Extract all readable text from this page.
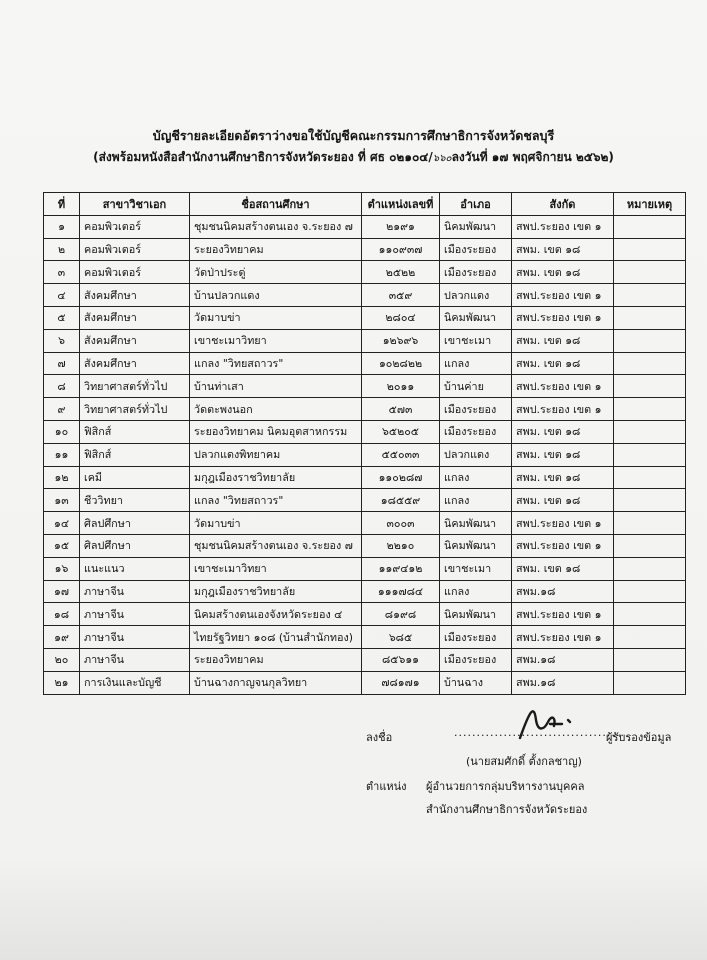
บัญชีรายละเอียดอัตราว่างขอใช้บัญชีคณะกรรมการศึกษาธิการจังหวัดชลบุรี
(ส่งพร้อมหนังสือสำนักงานศึกษาธิการจังหวัดระยอง ที่ ศธ ๐๒๑๐๔/๖๖๐ลงวันที่ ๑๗ พฤศจิกายน ๒๕๖๒)
ที่	สาขาวิชาเอก	ชื่อสถานศึกษา	ตำแหน่งเลขที่	อำเภอ	สังกัด	หมายเหตุ
๑	คอมพิวเตอร์	ชุมชนนิคมสร้างตนเอง จ.ระยอง ๗	๒๑๙๑	นิคมพัฒนา	สพป.ระยอง เขต ๑	
๒	คอมพิวเตอร์	ระยองวิทยาคม	๑๑๐๙๓๗	เมืองระยอง	สพม. เขต ๑๘	
๓	คอมพิวเตอร์	วัดป่าประดู่	๒๕๒๒	เมืองระยอง	สพม. เขต ๑๘	
๔	สังคมศึกษา	บ้านปลวกแดง	๓๕๙	ปลวกแดง	สพป.ระยอง เขต ๑	
๕	สังคมศึกษา	วัดมาบข่า	๒๘๐๔	นิคมพัฒนา	สพป.ระยอง เขต ๑	
๖	สังคมศึกษา	เขาชะเมาวิทยา	๑๒๖๙๖	เขาชะเมา	สพม. เขต ๑๘	
๗	สังคมศึกษา	แกลง "วิทยสถาวร"	๑๐๒๘๒๒	แกลง	สพม. เขต ๑๘	
๘	วิทยาศาสตร์ทั่วไป	บ้านท่าเสา	๒๐๑๑	บ้านค่าย	สพป.ระยอง เขต ๑	
๙	วิทยาศาสตร์ทั่วไป	วัดตะพงนอก	๕๗๓	เมืองระยอง	สพป.ระยอง เขต ๑	
๑๐	ฟิสิกส์	ระยองวิทยาคม นิคมอุตสาหกรรม	๖๕๒๐๕	เมืองระยอง	สพม. เขต ๑๘	
๑๑	ฟิสิกส์	ปลวกแดงพิทยาคม	๕๕๐๓๓	ปลวกแดง	สพม. เขต ๑๘	
๑๒	เคมี	มกุฎเมืองราชวิทยาลัย	๑๑๐๒๘๗	แกลง	สพม. เขต ๑๘	
๑๓	ชีววิทยา	แกลง "วิทยสถาวร"	๑๘๕๕๙	แกลง	สพม. เขต ๑๘	
๑๔	ศิลปศึกษา	วัดมาบข่า	๓๐๐๓	นิคมพัฒนา	สพป.ระยอง เขต ๑	
๑๕	ศิลปศึกษา	ชุมชนนิคมสร้างตนเอง จ.ระยอง ๗	๒๒๑๐	นิคมพัฒนา	สพป.ระยอง เขต ๑	
๑๖	แนะแนว	เขาชะเมาวิทยา	๑๑๙๔๑๒	เขาชะเมา	สพม. เขต ๑๘	
๑๗	ภาษาจีน	มกุฎเมืองราชวิทยาลัย	๑๑๑๗๘๔	แกลง	สพม.๑๘	
๑๘	ภาษาจีน	นิคมสร้างตนเองจังหวัดระยอง ๔	๘๑๙๘	นิคมพัฒนา	สพป.ระยอง เขต ๑	
๑๙	ภาษาจีน	ไทยรัฐวิทยา ๑๐๘ (บ้านสำนักทอง)	๖๘๕	เมืองระยอง	สพป.ระยอง เขต ๑	
๒๐	ภาษาจีน	ระยองวิทยาคม	๘๕๖๑๑	เมืองระยอง	สพม.๑๘	
๒๑	การเงินและบัญชี	บ้านฉางกาญจนกุลวิทยา	๗๘๑๗๑	บ้านฉาง	สพม.๑๘	
ลงชื่อ	......................................
ผู้รับรองข้อมูล
(นายสมศักดิ์ ตั้งกลชาญ)
ตำแหน่ง ผู้อำนวยการกลุ่มบริหารงานบุคคล
สำนักงานศึกษาธิการจังหวัดระยอง
